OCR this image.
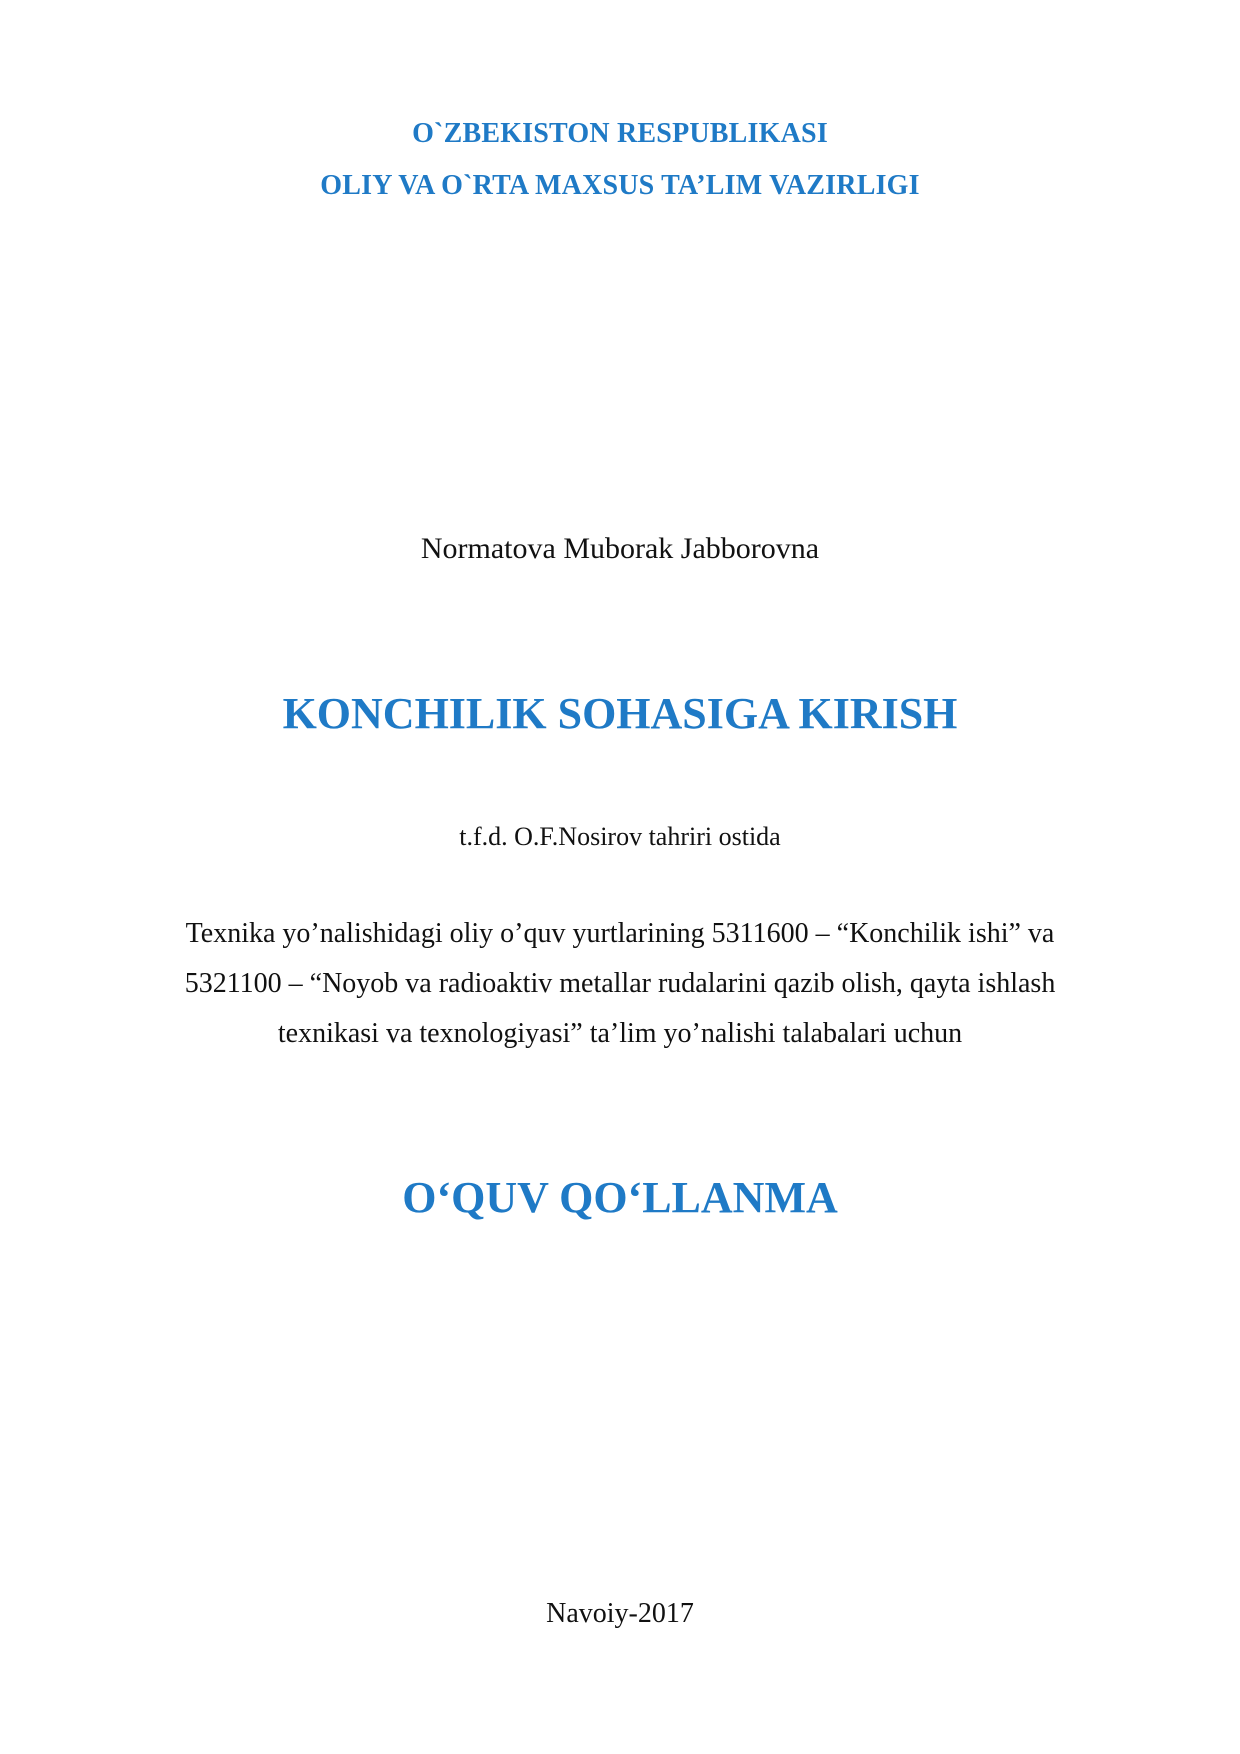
O`ZBEKISTON RESPUBLIKASI
OLIY VA O`RTA MAXSUS TA’LIM VAZIRLIGI
Normatova Muborak Jabborovna
KONCHILIK SOHASIGA KIRISH
t.f.d. O.F.Nosirov tahriri ostida
Texnika yo’nalishidagi oliy o’quv yurtlarining 5311600 – “Konchilik ishi” va
5321100 – “Noyob va radioaktiv metallar rudalarini qazib olish, qayta ishlash
texnikasi va texnologiyasi” ta’lim yo’nalishi talabalari uchun
O‘QUV QO‘LLANMA
Navoiy-2017
